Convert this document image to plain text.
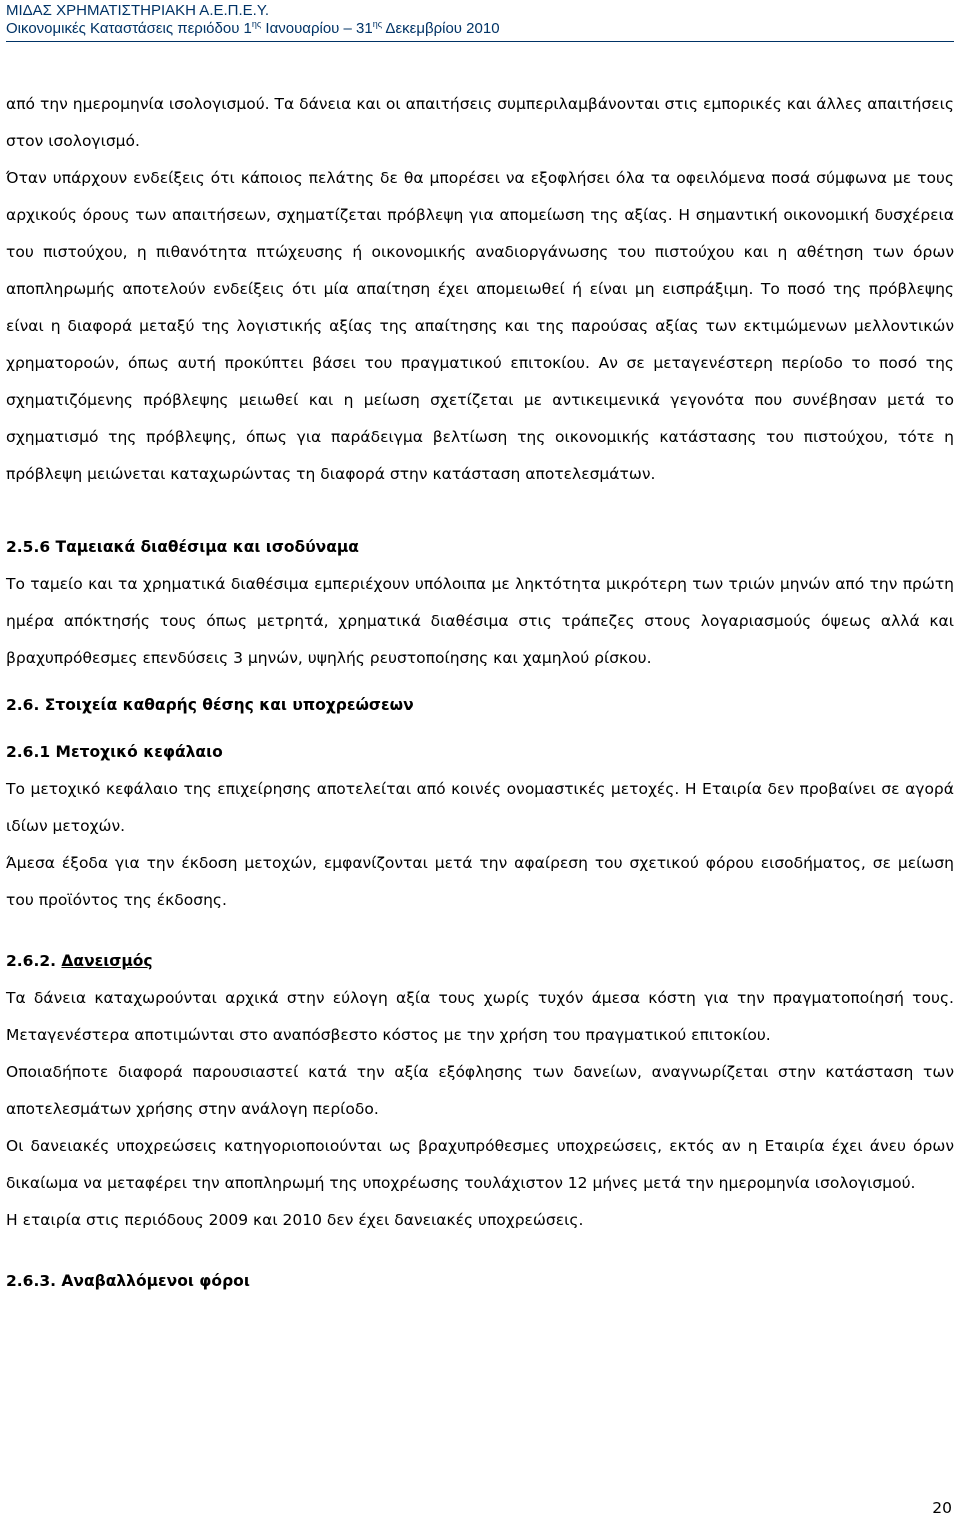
ΜΙΔΑΣ ΧΡΗΜΑΤΙΣΤΗΡΙΑΚΗ Α.Ε.Π.Ε.Υ.
Οικονομικές Καταστάσεις περιόδου $1^{\eta\varsigma}$ Ιανουαρίου – $31^{\eta\varsigma}$ Δεκεμβρίου 2010

από την ημερομηνία ισολογισμού. Τα δάνεια και οι απαιτήσεις συμπεριλαμβάνονται στις εμπορικές και άλλες απαιτήσεις στον ισολογισμό.

Όταν υπάρχουν ενδείξεις ότι κάποιος πελάτης δε θα μπορέσει να εξοφλήσει όλα τα οφειλόμενα ποσά σύμφωνα με τους αρχικούς όρους των απαιτήσεων, σχηματίζεται πρόβλεψη για απομείωση της αξίας. Η σημαντική οικονομική δυσχέρεια του πιστούχου, η πιθανότητα πτώχευσης ή οικονομικής αναδιοργάνωσης του πιστούχου και η αθέτηση των όρων αποπληρωμής αποτελούν ενδείξεις ότι μία απαίτηση έχει απομειωθεί ή είναι μη εισπράξιμη. Το ποσό της πρόβλεψης είναι η διαφορά μεταξύ της λογιστικής αξίας της απαίτησης και της παρούσας αξίας των εκτιμώμενων μελλοντικών χρηματοροών, όπως αυτή προκύπτει βάσει του πραγματικού επιτοκίου. Αν σε μεταγενέστερη περίοδο το ποσό της σχηματιζόμενης πρόβλεψης μειωθεί και η μείωση σχετίζεται με αντικειμενικά γεγονότα που συνέβησαν μετά το σχηματισμό της πρόβλεψης, όπως για παράδειγμα βελτίωση της οικονομικής κατάστασης του πιστούχου, τότε η πρόβλεψη μειώνεται καταχωρώντας τη διαφορά στην κατάσταση αποτελεσμάτων.

2.5.6 Ταμειακά διαθέσιμα και ισοδύναμα

Το ταμείο και τα χρηματικά διαθέσιμα εμπεριέχουν υπόλοιπα με ληκτότητα μικρότερη των τριών μηνών από την πρώτη ημέρα απόκτησής τους όπως μετρητά, χρηματικά διαθέσιμα στις τράπεζες στους λογαριασμούς όψεως αλλά και βραχυπρόθεσμες επενδύσεις 3 μηνών, υψηλής ρευστοποίησης και χαμηλού ρίσκου.

2.6. Στοιχεία καθαρής θέσης και υποχρεώσεων

2.6.1 Μετοχικό κεφάλαιο

Το μετοχικό κεφάλαιο της επιχείρησης αποτελείται από κοινές ονομαστικές μετοχές. Η Εταιρία δεν προβαίνει σε αγορά ιδίων μετοχών.

Άμεσα έξοδα για την έκδοση μετοχών, εμφανίζονται μετά την αφαίρεση του σχετικού φόρου εισοδήματος, σε μείωση του προϊόντος της έκδοσης.

2.6.2. Δανεισμός

Τα δάνεια καταχωρούνται αρχικά στην εύλογη αξία τους χωρίς τυχόν άμεσα κόστη για την πραγματοποίησή τους. Μεταγενέστερα αποτιμώνται στο αναπόσβεστο κόστος με την χρήση του πραγματικού επιτοκίου.

Οποιαδήποτε διαφορά παρουσιαστεί κατά την αξία εξόφλησης των δανείων, αναγνωρίζεται στην κατάσταση των αποτελεσμάτων χρήσης στην ανάλογη περίοδο.

Οι δανειακές υποχρεώσεις κατηγοριοποιούνται ως βραχυπρόθεσμες υποχρεώσεις, εκτός αν η Εταιρία έχει άνευ όρων δικαίωμα να μεταφέρει την αποπληρωμή της υποχρέωσης τουλάχιστον 12 μήνες μετά την ημερομηνία ισολογισμού.

Η εταιρία στις περιόδους 2009 και 2010 δεν έχει δανειακές υποχρεώσεις.

2.6.3. Αναβαλλόμενοι φόροι

20
